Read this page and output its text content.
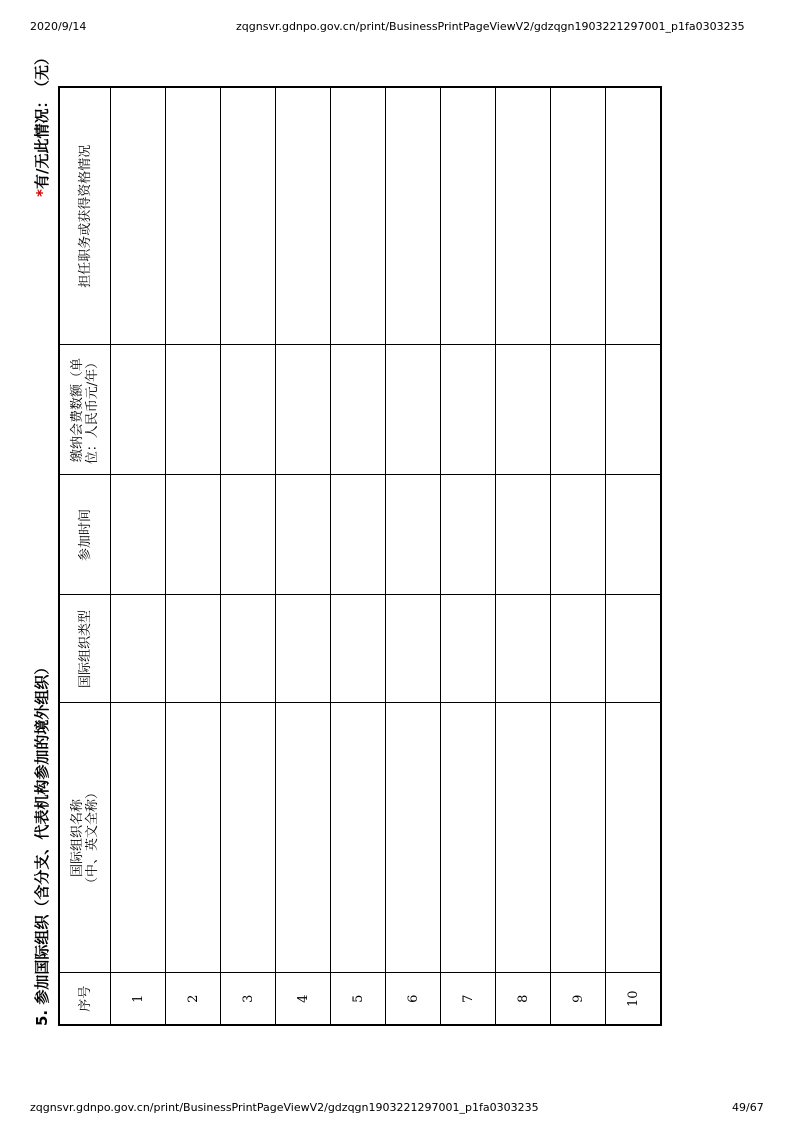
2020/9/14	zqgnsvr.gdnpo.gov.cn/print/BusinessPrintPageViewV2/gdzqgn1903221297001_p1fa0303235
5. 参加国际组织（含分支、代表机构参加的境外组织）
*有/无此情况：（无）
序号	国际组织名称 （中、英文全称）	国际组织类型	参加时间	缴纳会费数额（单 位：人民币元/年）	担任职务或获得资格情况

1					
2					
3					
4					
5					
6					
7					
8					
9					
10					
zqgnsvr.gdnpo.gov.cn/print/BusinessPrintPageViewV2/gdzqgn1903221297001_p1fa0303235	49/67
